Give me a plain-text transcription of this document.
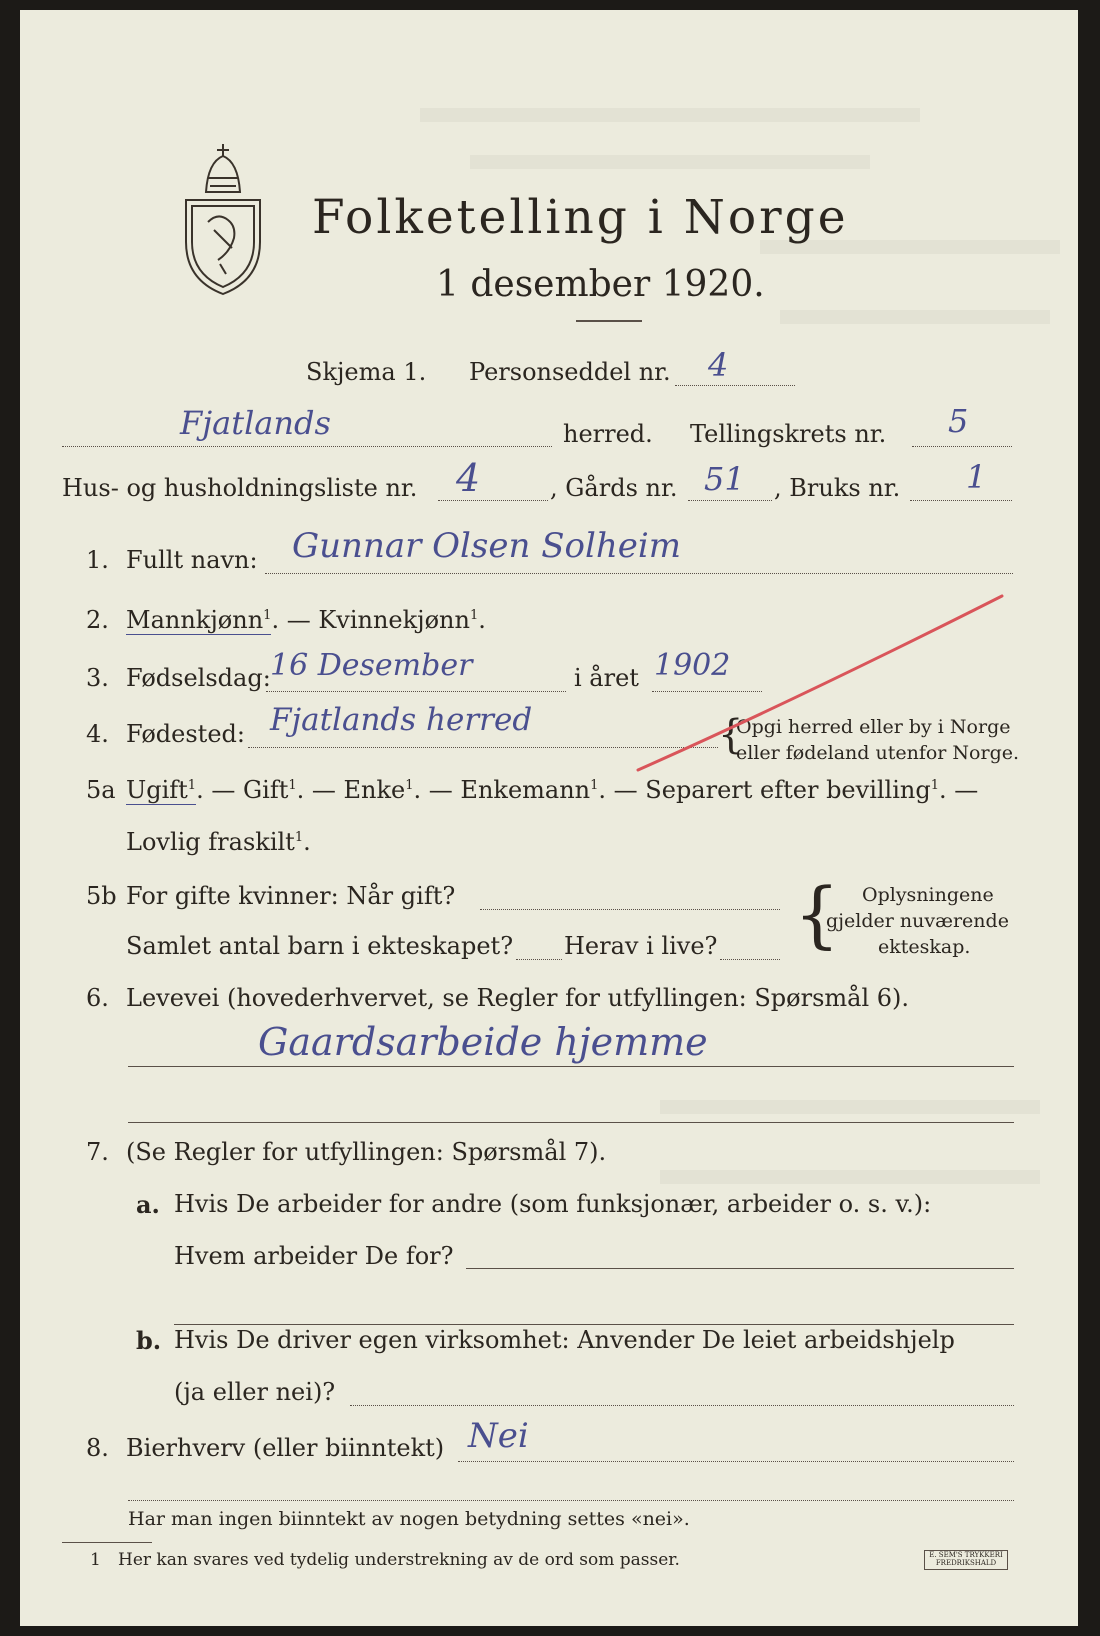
Folketelling i Norge
1 desember 1920.
Skjema 1. Personseddel nr. 4
Fjatlands	herred. Tellingskrets nr. 5
Hus- og husholdningsliste nr. 4	, Gårds nr. 51 , Bruks nr. 1
1. Fullt navn: Gunnar Olsen Solheim
2. Mannkjønn$^1$. — Kvinnekjønn$^1$.
3. Fødselsdag: 16 Desember	i året 1902
4. Fødested: Fjatlands herred	{
Opgi herred eller by i Norge
eller fødeland utenfor Norge.
5a Ugift$^1$. — Gift$^1$. — Enke$^1$. — Enkemann$^1$. — Separert efter bevilling$^1$. —
Lovlig fraskilt$^1$.
5b For gifte kvinner: Når gift?
Samlet antal barn i ekteskapet? Herav i live? { Oplysningene
gjelder nuværende
ekteskap.
6. Levevei (hovederhvervet, se Regler for utfyllingen: Spørsmål 6).
Gaardsarbeide hjemme
7. (Se Regler for utfyllingen: Spørsmål 7).
a. Hvis De arbeider for andre (som funksjonær, arbeider o. s. v.):
Hvem arbeider De for?
b. Hvis De driver egen virksomhet: Anvender De leiet arbeidshjelp
(ja eller nei)?
8. Bierhverv (eller biinntekt) Nei
Har man ingen biinntekt av nogen betydning settes «nei».
1 Her kan svares ved tydelig understrekning av de ord som passer.	E. SEM'S TRYKKERI FREDRIKSHALD
